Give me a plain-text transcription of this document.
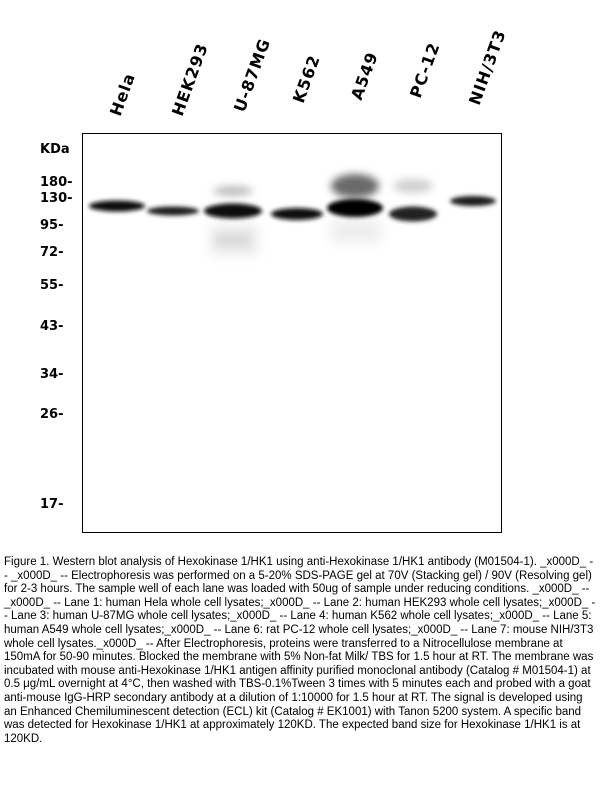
Hela	HEK293 U-87MG K562	A549	PC-12	NIH/3T3
KDa
180 -
130 -
95 -
72 -
55 -
43 -
34 -
26 -
17 -
Figure 1. Western blot analysis of Hexokinase 1/HK1 using anti-Hexokinase 1/HK1 antibody (M01504-1). _x000D_ -- _x000D_ -- Electrophoresis was performed on a 5-20% SDS-PAGE gel at 70V (Stacking gel) / 90V (Resolving gel) for 2-3 hours. The sample well of each lane was loaded with 50ug of sample under reducing conditions. _x000D_ -- _x000D_ -- Lane 1: human Hela whole cell lysates;_x000D_ -- Lane 2: human HEK293 whole cell lysates;_x000D_ -- Lane 3: human U-87MG whole cell lysates;_x000D_ -- Lane 4: human K562 whole cell lysates;_x000D_ -- Lane 5: human A549 whole cell lysates;_x000D_ -- Lane 6: rat PC-12 whole cell lysates;_x000D_ -- Lane 7: mouse NIH/3T3 whole cell lysates._x000D_ -- After Electrophoresis, proteins were transferred to a Nitrocellulose membrane at 150mA for 50-90 minutes. Blocked the membrane with 5% Non-fat Milk/ TBS for 1.5 hour at RT. The membrane was incubated with mouse anti-Hexokinase 1/HK1 antigen affinity purified monoclonal antibody (Catalog # M01504-1) at 0.5 μg/mL overnight at 4°C, then washed with TBS-0.1%Tween 3 times with 5 minutes each and probed with a goat anti-mouse IgG-HRP secondary antibody at a dilution of 1:10000 for 1.5 hour at RT. The signal is developed using an Enhanced Chemiluminescent detection (ECL) kit (Catalog # EK1001) with Tanon 5200 system. A specific band was detected for Hexokinase 1/HK1 at approximately 120KD. The expected band size for Hexokinase 1/HK1 is at 120KD.
